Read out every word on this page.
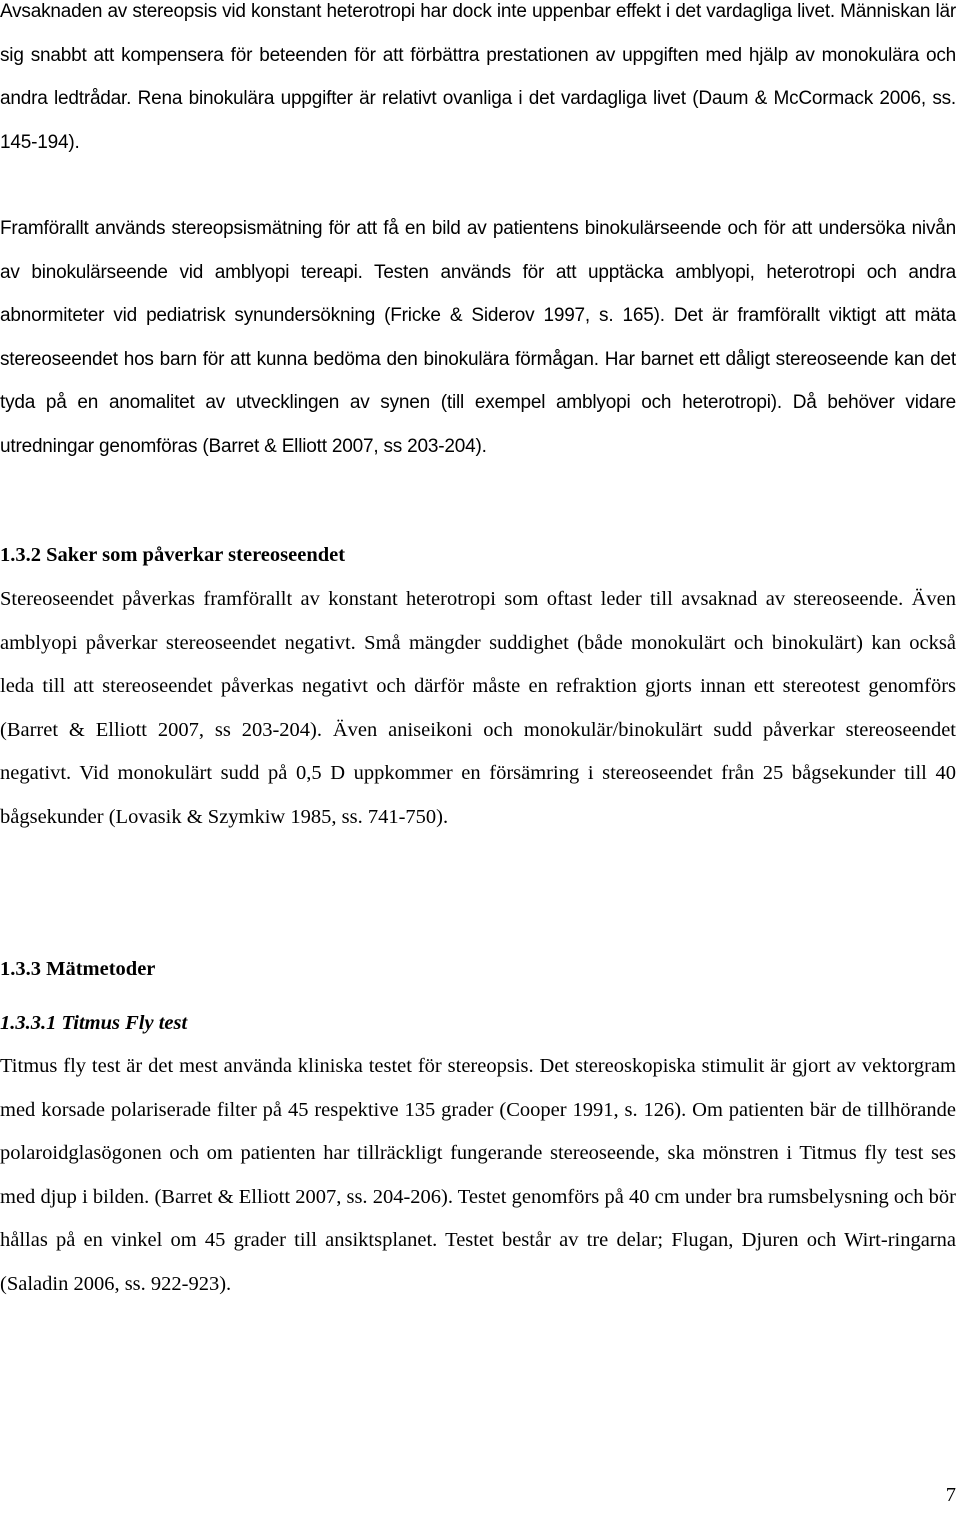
Avsaknaden av stereopsis vid konstant heterotropi har dock inte uppenbar effekt i det vardagliga livet. Människan lär sig snabbt att kompensera för beteenden för att förbättra prestationen av uppgiften med hjälp av monokulära och andra ledtrådar. Rena binokulära uppgifter är relativt ovanliga i det vardagliga livet (Daum & McCormack 2006, ss. 145-194).

Framförallt används stereopsismätning för att få en bild av patientens binokulärseende och för att undersöka nivån av binokulärseende vid amblyopi tereapi. Testen används för att upptäcka amblyopi, heterotropi och andra abnormiteter vid pediatrisk synundersökning (Fricke & Siderov 1997, s. 165). Det är framförallt viktigt att mäta stereoseendet hos barn för att kunna bedöma den binokulära förmågan. Har barnet ett dåligt stereoseende kan det tyda på en anomalitet av utvecklingen av synen (till exempel amblyopi och heterotropi). Då behöver vidare utredningar genomföras (Barret & Elliott 2007, ss 203-204).

1.3.2 Saker som påverkar stereoseendet

Stereoseendet påverkas framförallt av konstant heterotropi som oftast leder till avsaknad av stereoseende. Även amblyopi påverkar stereoseendet negativt. Små mängder suddighet (både monokulärt och binokulärt) kan också leda till att stereoseendet påverkas negativt och därför måste en refraktion gjorts innan ett stereotest genomförs (Barret & Elliott 2007, ss 203-204). Även aniseikoni och monokulär/binokulärt sudd påverkar stereoseendet negativt. Vid monokulärt sudd på 0,5 D uppkommer en försämring i stereoseendet från 25 bågsekunder till 40 bågsekunder (Lovasik & Szymkiw 1985, ss. 741-750).

1.3.3 Mätmetoder
1.3.3.1 Titmus Fly test

Titmus fly test är det mest använda kliniska testet för stereopsis. Det stereoskopiska stimulit är gjort av vektorgram med korsade polariserade filter på 45 respektive 135 grader (Cooper 1991, s. 126). Om patienten bär de tillhörande polaroidglasögonen och om patienten har tillräckligt fungerande stereoseende, ska mönstren i Titmus fly test ses med djup i bilden. (Barret & Elliott 2007, ss. 204-206). Testet genomförs på 40 cm under bra rumsbelysning och bör hållas på en vinkel om 45 grader till ansiktsplanet. Testet består av tre delar; Flugan, Djuren och Wirt-ringarna (Saladin 2006, ss. 922-923).

7
